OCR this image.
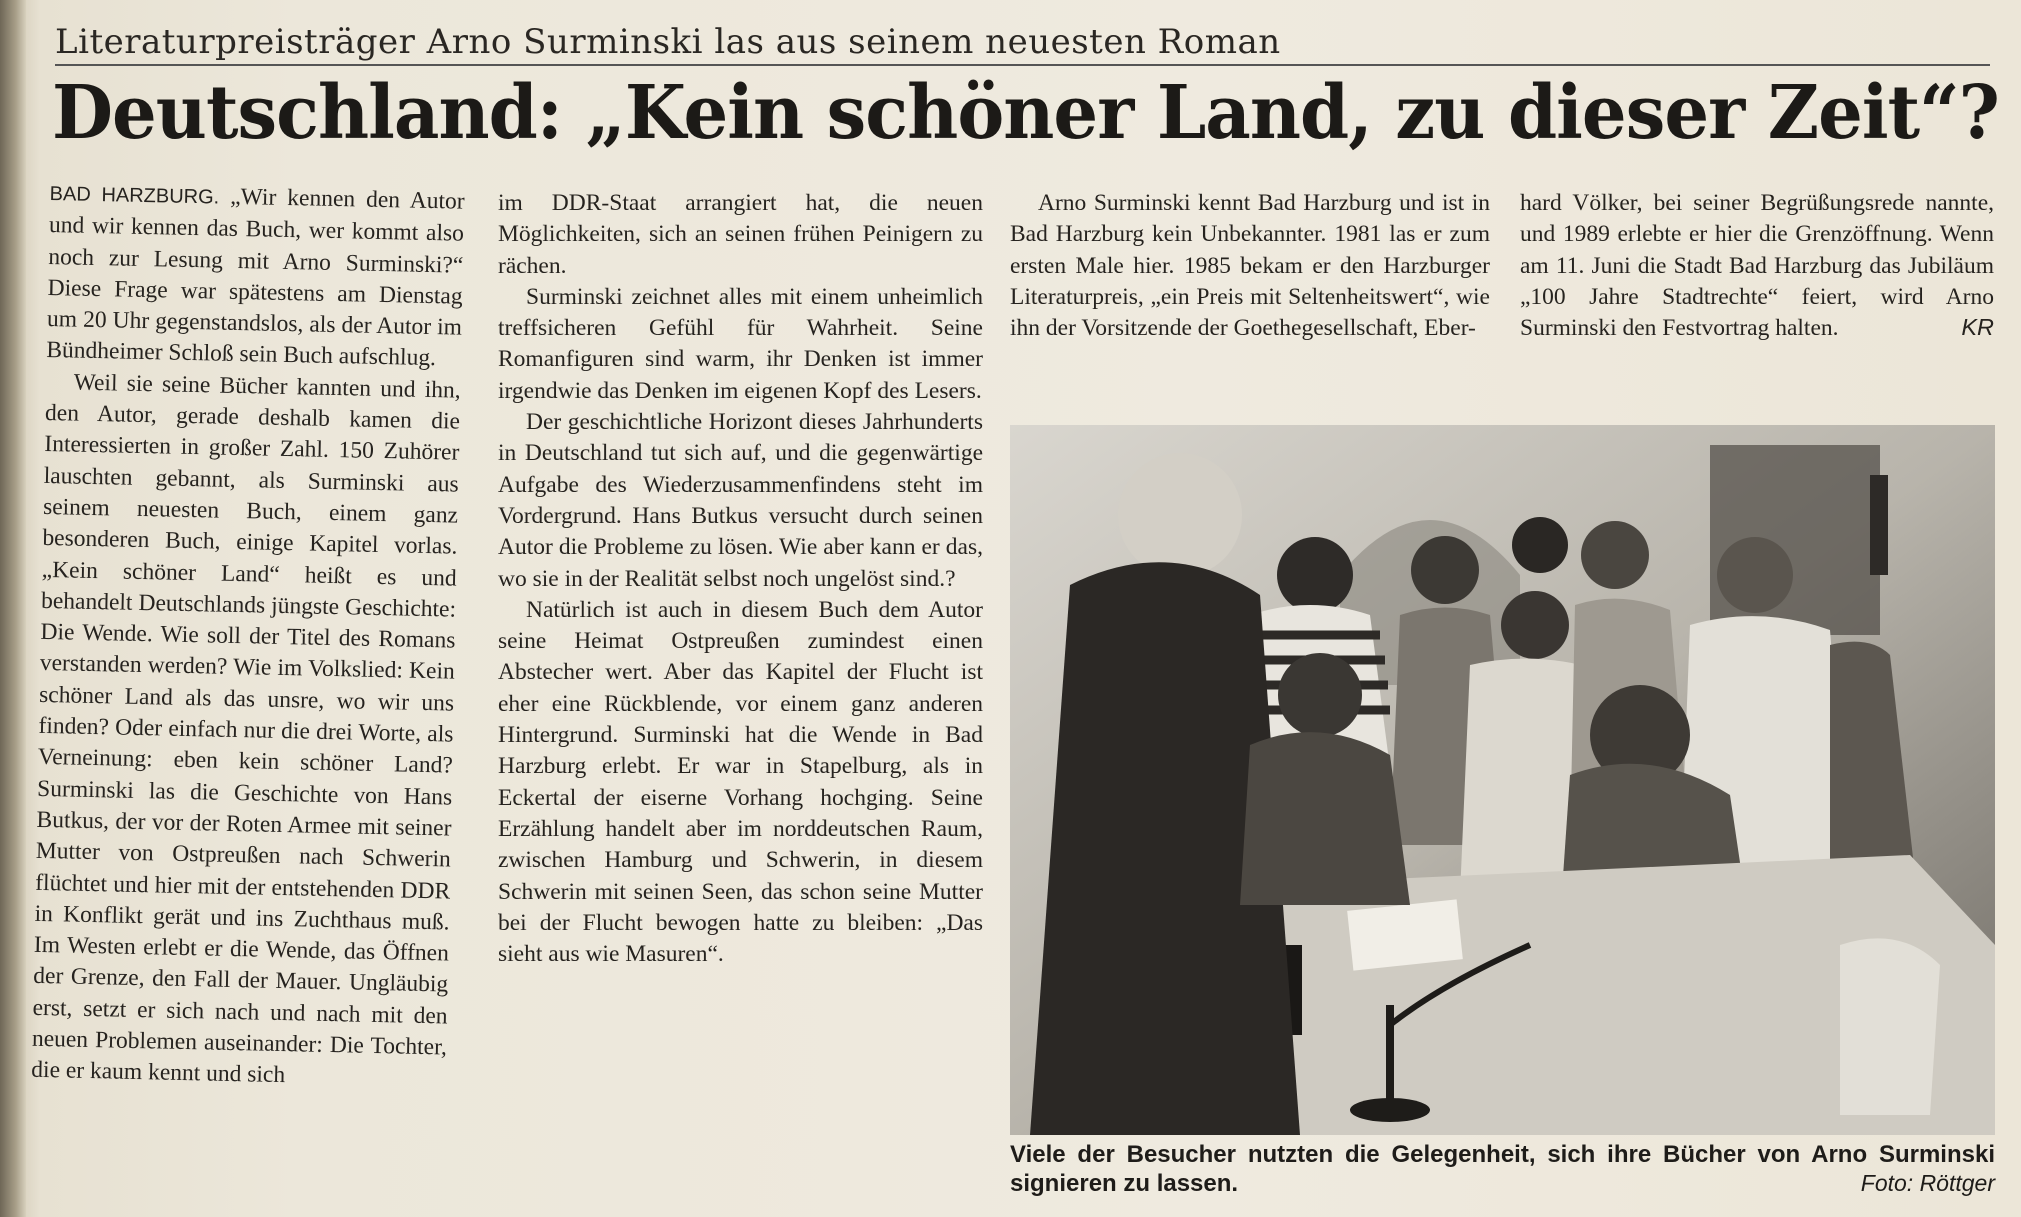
Literaturpreisträger Arno Surminski las aus seinem neuesten Roman
Deutschland: „Kein schöner Land, zu dieser Zeit“?

BAD HARZBURG. „Wir kennen den Autor und wir kennen das Buch, wer kommt also noch zur Lesung mit Arno Surminski?“ Diese Frage war spätestens am Dienstag um 20 Uhr gegenstandslos, als der Autor im Bündheimer Schloß sein Buch aufschlug.

Weil sie seine Bücher kannten und ihn, den Autor, gerade deshalb kamen die Interessierten in großer Zahl. 150 Zuhörer lauschten gebannt, als Surminski aus seinem neuesten Buch, einem ganz besonderen Buch, einige Kapitel vorlas. „Kein schöner Land“ heißt es und behandelt Deutschlands jüngste Geschichte: Die Wende. Wie soll der Titel des Romans verstanden werden? Wie im Volkslied: Kein schöner Land als das unsre, wo wir uns finden? Oder einfach nur die drei Worte, als Verneinung: eben kein schöner Land? Surminski las die Geschichte von Hans Butkus, der vor der Roten Armee mit seiner Mutter von Ostpreußen nach Schwerin flüchtet und hier mit der entstehenden DDR in Konflikt gerät und ins Zuchthaus muß. Im Westen erlebt er die Wende, das Öffnen der Grenze, den Fall der Mauer. Ungläubig erst, setzt er sich nach und nach mit den neuen Problemen auseinander: Die Tochter, die er kaum kennt und sich

im DDR-Staat arrangiert hat, die neuen Möglichkeiten, sich an seinen frühen Peinigern zu rächen.

Surminski zeichnet alles mit einem unheimlich treffsicheren Gefühl für Wahrheit. Seine Romanfiguren sind warm, ihr Denken ist immer irgendwie das Denken im eigenen Kopf des Lesers.

Der geschichtliche Horizont dieses Jahrhunderts in Deutschland tut sich auf, und die gegenwärtige Aufgabe des Wiederzusammenfindens steht im Vordergrund. Hans Butkus versucht durch seinen Autor die Probleme zu lösen. Wie aber kann er das, wo sie in der Realität selbst noch ungelöst sind.?

Natürlich ist auch in diesem Buch dem Autor seine Heimat Ostpreußen zumindest einen Abstecher wert. Aber das Kapitel der Flucht ist eher eine Rückblende, vor einem ganz anderen Hintergrund. Surminski hat die Wende in Bad Harzburg erlebt. Er war in Stapelburg, als in Eckertal der eiserne Vorhang hochging. Seine Erzählung handelt aber im norddeutschen Raum, zwischen Hamburg und Schwerin, in diesem Schwerin mit seinen Seen, das schon seine Mutter bei der Flucht bewogen hatte zu bleiben: „Das sieht aus wie Masuren“.

Arno Surminski kennt Bad Harzburg und ist in Bad Harzburg kein Unbekannter. 1981 las er zum ersten Male hier. 1985 bekam er den Harzburger Literaturpreis, „ein Preis mit Seltenheitswert“, wie ihn der Vorsitzende der Goethegesellschaft, Eber-

hard Völker, bei seiner Begrüßungsrede nannte, und 1989 erlebte er hier die Grenzöffnung. Wenn am 11. Juni die Stadt Bad Harzburg das Jubiläum „100 Jahre Stadtrechte“ feiert, wird Arno Surminski den Festvortrag halten.	KR
Viele der Besucher nutzten die Gelegenheit, sich ihre Bücher von Arno Surminski signieren zu lassen.	Foto: Röttger
